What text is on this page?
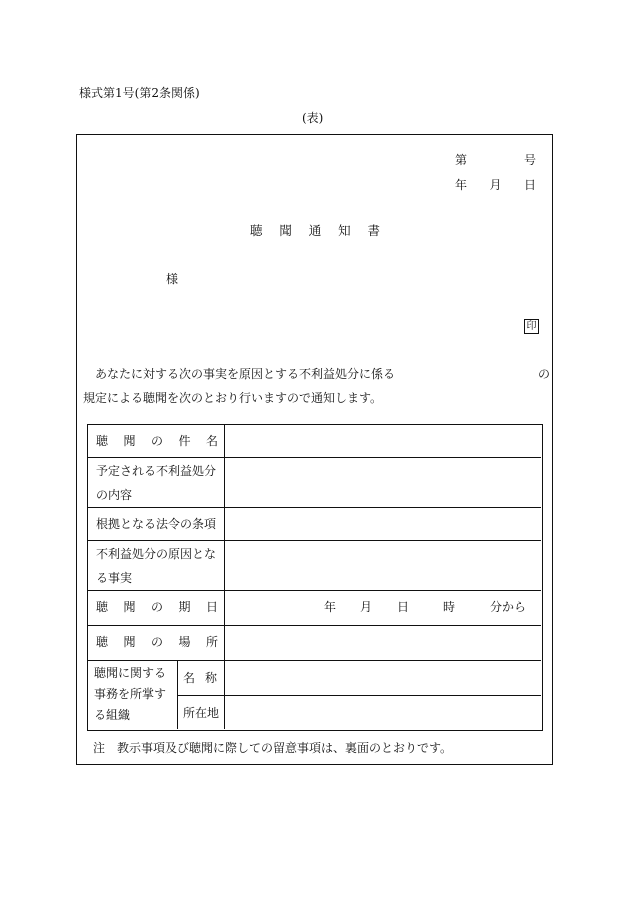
様式第1号(第2条関係)
(表)
第	号
年 月 日
聴 聞 通 知 書
様
印
あなたに対する次の事実を原因とする不利益処分に係る	の
規定による聴聞を次のとおり行いますので通知します。
聴 聞 の 件 名
予定される不利益処分
の内容
根拠となる法令の条項
不利益処分の原因とな
る事実
聴 聞 の 期 日	年 月 日	時	分から
聴 聞 の 場 所
聴聞に関する
事務を所掌す
る組織
名 称
所在地
注　教示事項及び聴聞に際しての留意事項は、裏面のとおりです。
